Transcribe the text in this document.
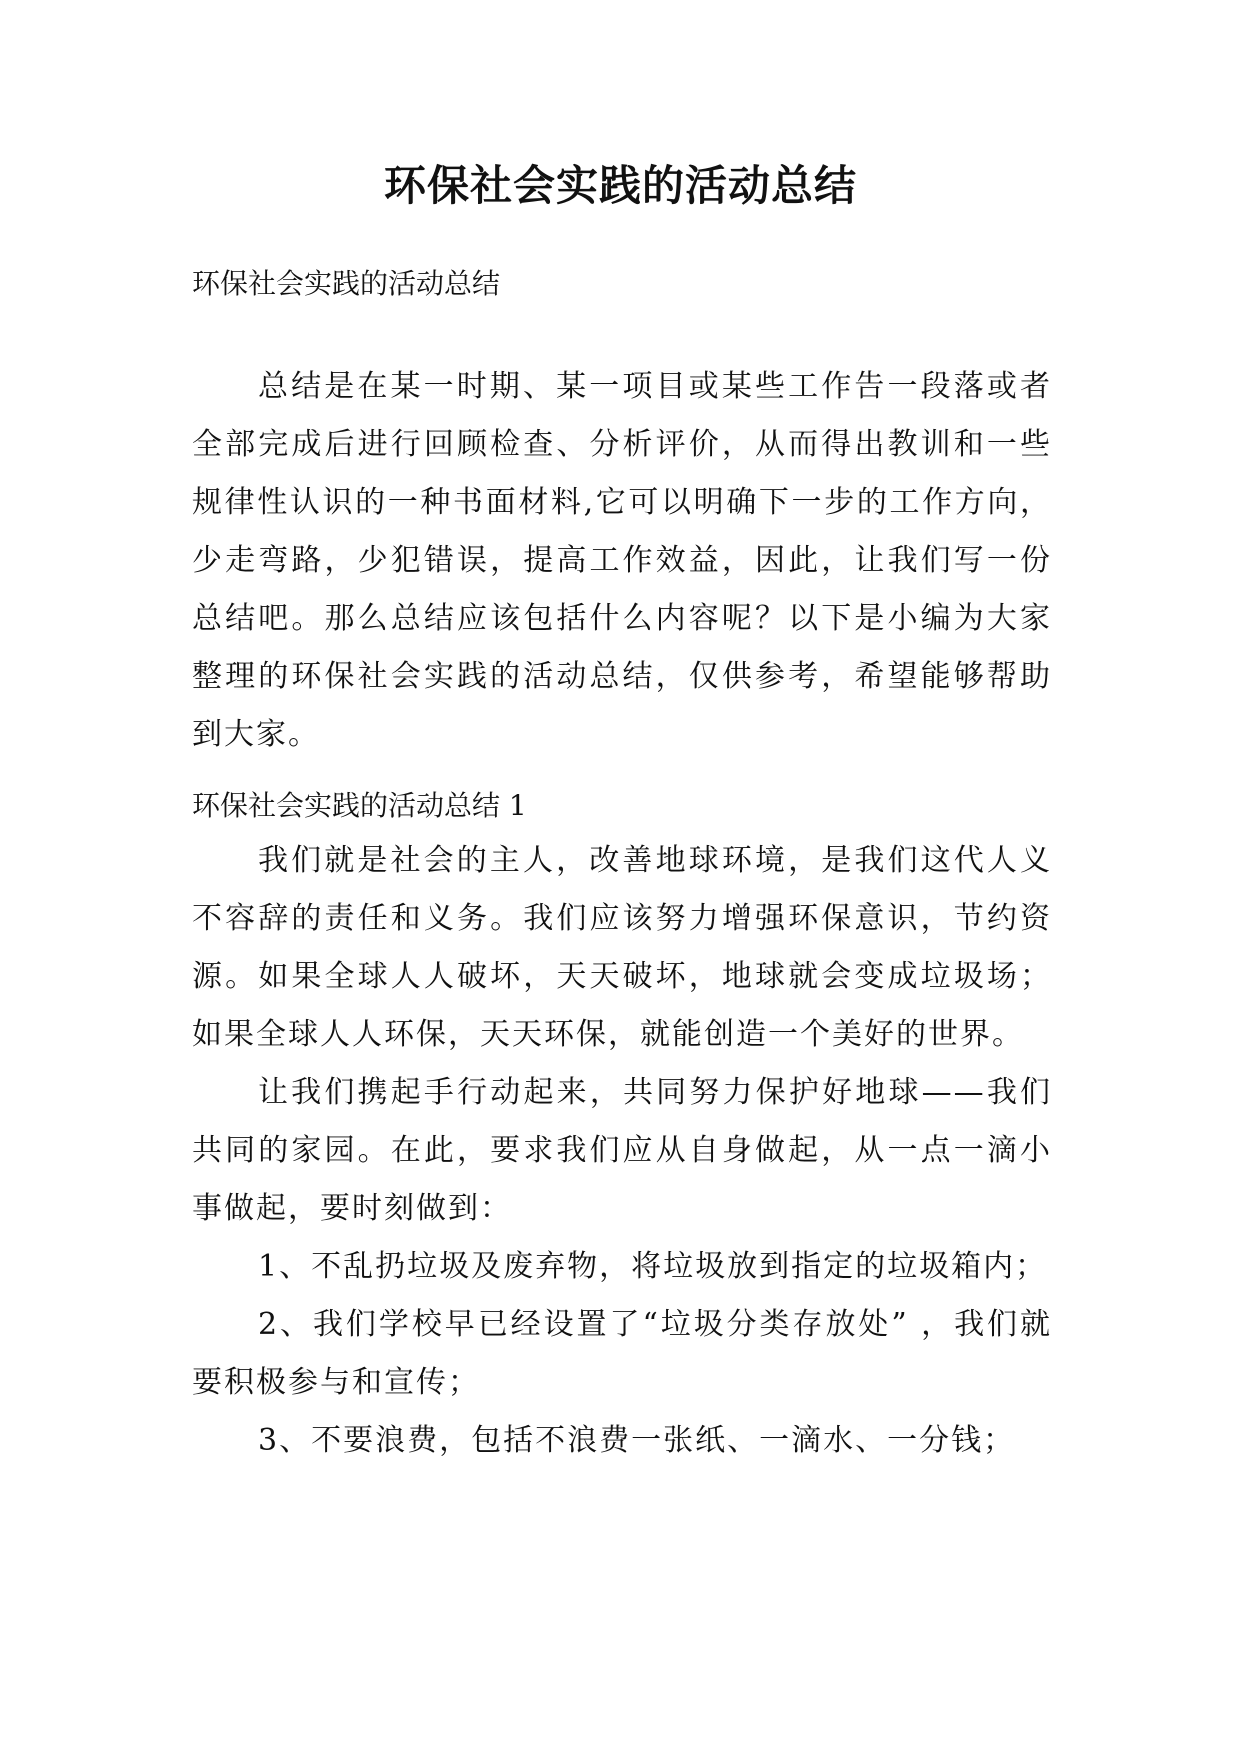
环保社会实践的活动总结

环保社会实践的活动总结

总结是在某一时期、某一项目或某些工作告一段落或者全部完成后进行回顾检查、分析评价，从而得出教训和一些规律性认识的一种书面材料,它可以明确下一步的工作方向，少走弯路，少犯错误，提高工作效益，因此，让我们写一份总结吧。那么总结应该包括什么内容呢？以下是小编为大家整理的环保社会实践的活动总结，仅供参考，希望能够帮助到大家。

环保社会实践的活动总结 1

我们就是社会的主人，改善地球环境，是我们这代人义不容辞的责任和义务。我们应该努力增强环保意识，节约资源。如果全球人人破坏，天天破坏，地球就会变成垃圾场；如果全球人人环保，天天环保，就能创造一个美好的世界。

让我们携起手行动起来，共同努力保护好地球——我们共同的家园。在此，要求我们应从自身做起，从一点一滴小事做起，要时刻做到：

1、不乱扔垃圾及废弃物，将垃圾放到指定的垃圾箱内；

2、我们学校早已经设置了“垃圾分类存放处” ，我们就要积极参与和宣传；

3、不要浪费，包括不浪费一张纸、一滴水、一分钱；
